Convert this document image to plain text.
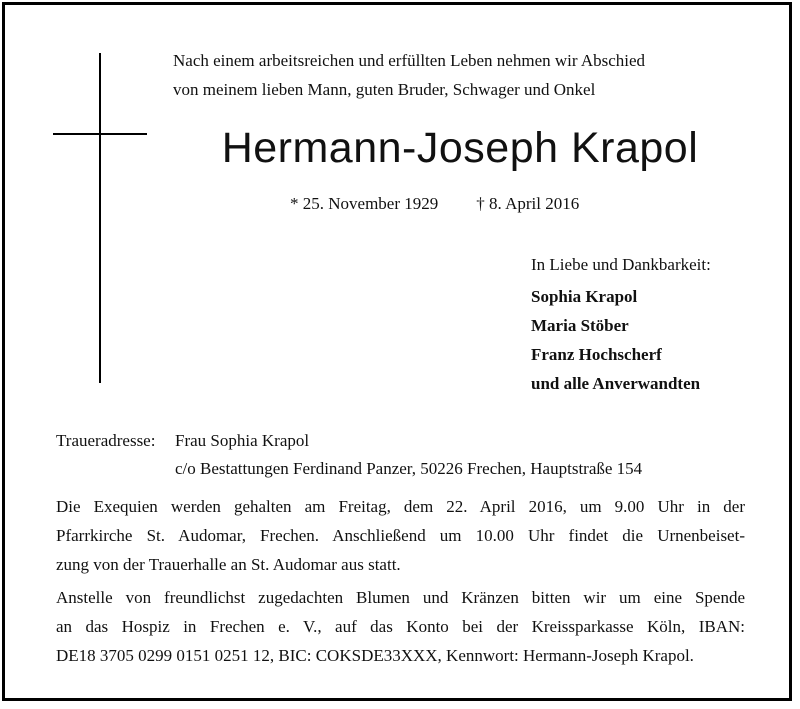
Nach einem arbeitsreichen und erfüllten Leben nehmen wir Abschied
von meinem lieben Mann, guten Bruder, Schwager und Onkel
Hermann-Joseph Krapol
* 25. November 1929 † 8. April 2016
In Liebe und Dankbarkeit:
Sophia Krapol
Maria Stöber
Franz Hochscherf
und alle Anverwandten
Traueradresse: Frau Sophia Krapol
c/o Bestattungen Ferdinand Panzer, 50226 Frechen, Hauptstraße 154
Die Exequien werden gehalten am Freitag, dem 22. April 2016, um 9.00 Uhr in der
Pfarrkirche St. Audomar, Frechen. Anschließend um 10.00 Uhr findet die Urnenbeiset-
zung von der Trauerhalle an St. Audomar aus statt.
Anstelle von freundlichst zugedachten Blumen und Kränzen bitten wir um eine Spende
an das Hospiz in Frechen e. V., auf das Konto bei der Kreissparkasse Köln, IBAN:
DE18 3705 0299 0151 0251 12, BIC: COKSDE33XXX, Kennwort: Hermann-Joseph Krapol.
